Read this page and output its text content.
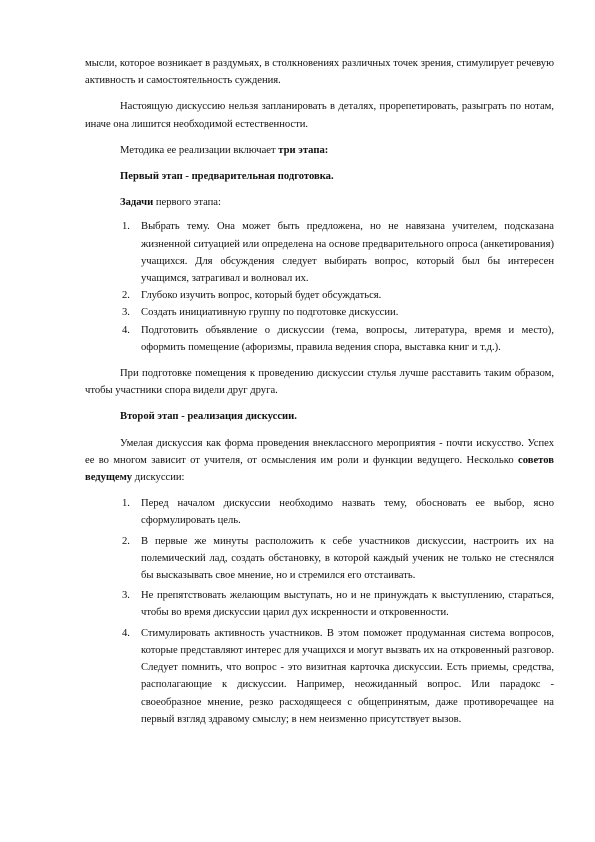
мысли, которое возникает в раздумьях, в столкновениях различных точек зрения, стимулирует речевую активность и самостоятельность суждения.

Настоящую дискуссию нельзя запланировать в деталях, прорепетировать, разыграть по нотам, иначе она лишится необходимой естественности.

Методика ее реализации включает три этапа:

Первый этап - предварительная подготовка.

Задачи первого этапа:

1. Выбрать тему. Она может быть предложена, но не навязана учителем, подсказана жизненной ситуацией или определена на основе предварительного опроса (анкетирования) учащихся. Для обсуждения следует выбирать вопрос, который был бы интересен учащимся, затрагивал и волновал их.
2. Глубоко изучить вопрос, который будет обсуждаться.
3. Создать инициативную группу по подготовке дискуссии.
4. Подготовить объявление о дискуссии (тема, вопросы, литература, время и место), оформить помещение (афоризмы, правила ведения спора, выставка книг и т.д.).

При подготовке помещения к проведению дискуссии стулья лучше расставить таким образом, чтобы участники спора видели друг друга.

Второй этап - реализация дискуссии.

Умелая дискуссия как форма проведения внеклассного мероприятия - почти искусство. Успех ее во многом зависит от учителя, от осмысления им роли и функции ведущего. Несколько советов ведущему дискуссии:

1. Перед началом дискуссии необходимо назвать тему, обосновать ее выбор, ясно сформулировать цель.
2. В первые же минуты расположить к себе участников дискуссии, настроить их на полемический лад, создать обстановку, в которой каждый ученик не только не стеснялся бы высказывать свое мнение, но и стремился его отстаивать.
3. Не препятствовать желающим выступать, но и не принуждать к выступлению, стараться, чтобы во время дискуссии царил дух искренности и откровенности.
4. Стимулировать активность участников. В этом поможет продуманная система вопросов, которые представляют интерес для учащихся и могут вызвать их на откровенный разговор. Следует помнить, что вопрос - это визитная карточка дискуссии. Есть приемы, средства, располагающие к дискуссии. Например, неожиданный вопрос. Или парадокс - своеобразное мнение, резко расходящееся с общепринятым, даже противоречащее на первый взгляд здравому смыслу; в нем неизменно присутствует вызов.
